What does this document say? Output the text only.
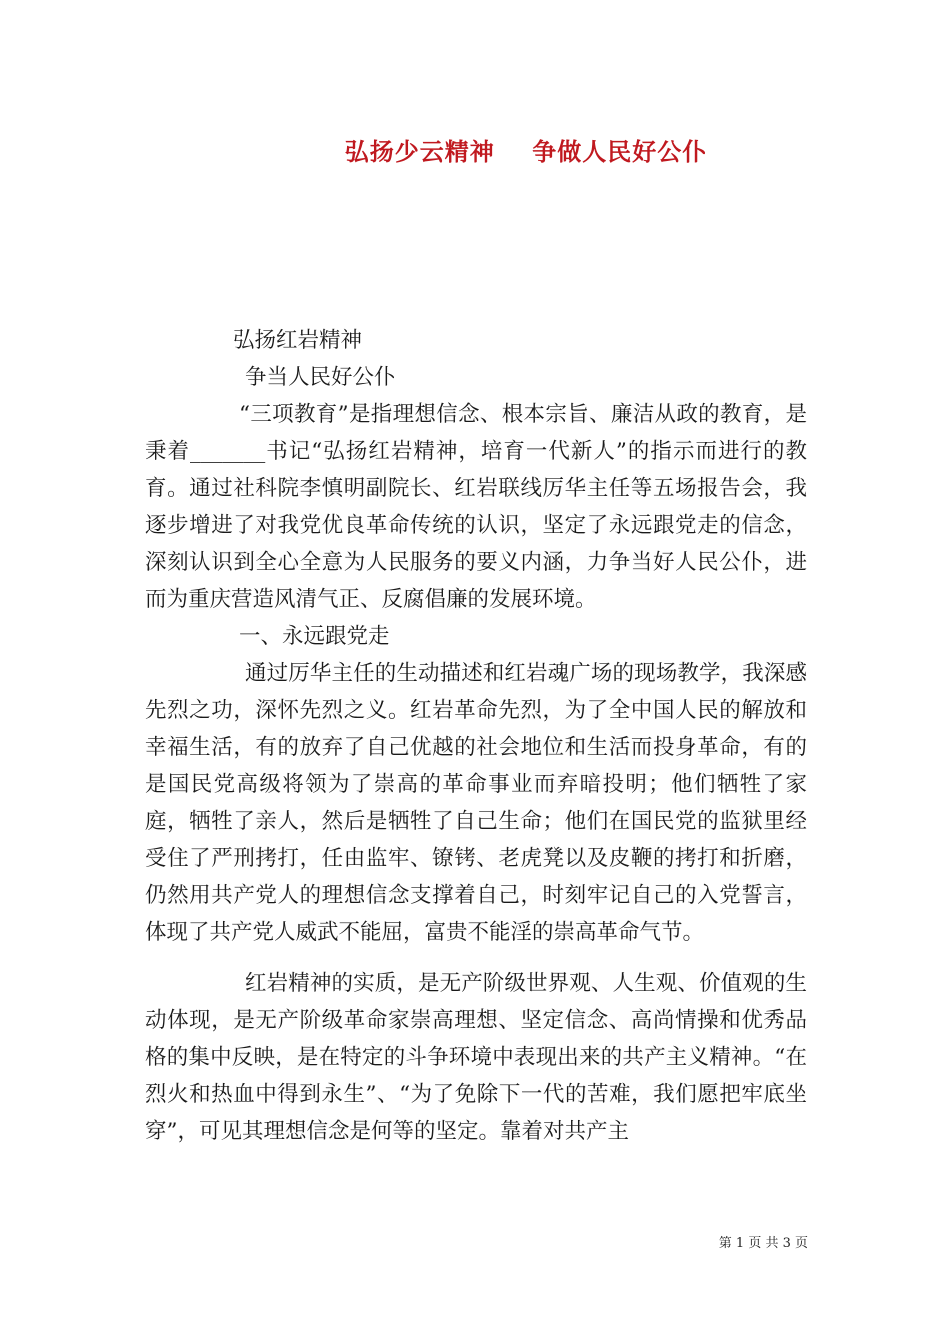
弘扬少云精神    争做人民好公仆

弘扬红岩精神

争当人民好公仆

“三项教育”是指理想信念、根本宗旨、廉洁从政的教育，是秉着_______书记“弘扬红岩精神，培育一代新人”的指示而进行的教育。通过社科院李慎明副院长、红岩联线厉华主任等五场报告会，我逐步增进了对我党优良革命传统的认识，坚定了永远跟党走的信念，深刻认识到全心全意为人民服务的要义内涵，力争当好人民公仆，进而为重庆营造风清气正、反腐倡廉的发展环境。

一、永远跟党走

通过厉华主任的生动描述和红岩魂广场的现场教学，我深感先烈之功，深怀先烈之义。红岩革命先烈，为了全中国人民的解放和幸福生活，有的放弃了自己优越的社会地位和生活而投身革命，有的是国民党高级将领为了崇高的革命事业而弃暗投明；他们牺牲了家庭，牺牲了亲人，然后是牺牲了自己生命；他们在国民党的监狱里经受住了严刑拷打，任由监牢、镣铐、老虎凳以及皮鞭的拷打和折磨，仍然用共产党人的理想信念支撑着自己，时刻牢记自己的入党誓言，体现了共产党人威武不能屈，富贵不能淫的崇高革命气节。

红岩精神的实质，是无产阶级世界观、人生观、价值观的生动体现，是无产阶级革命家崇高理想、坚定信念、高尚情操和优秀品格的集中反映，是在特定的斗争环境中表现出来的共产主义精神。“在烈火和热血中得到永生”、“为了免除下一代的苦难，我们愿把牢底坐穿”，可见其理想信念是何等的坚定。靠着对共产主

第 1 页 共 3 页
